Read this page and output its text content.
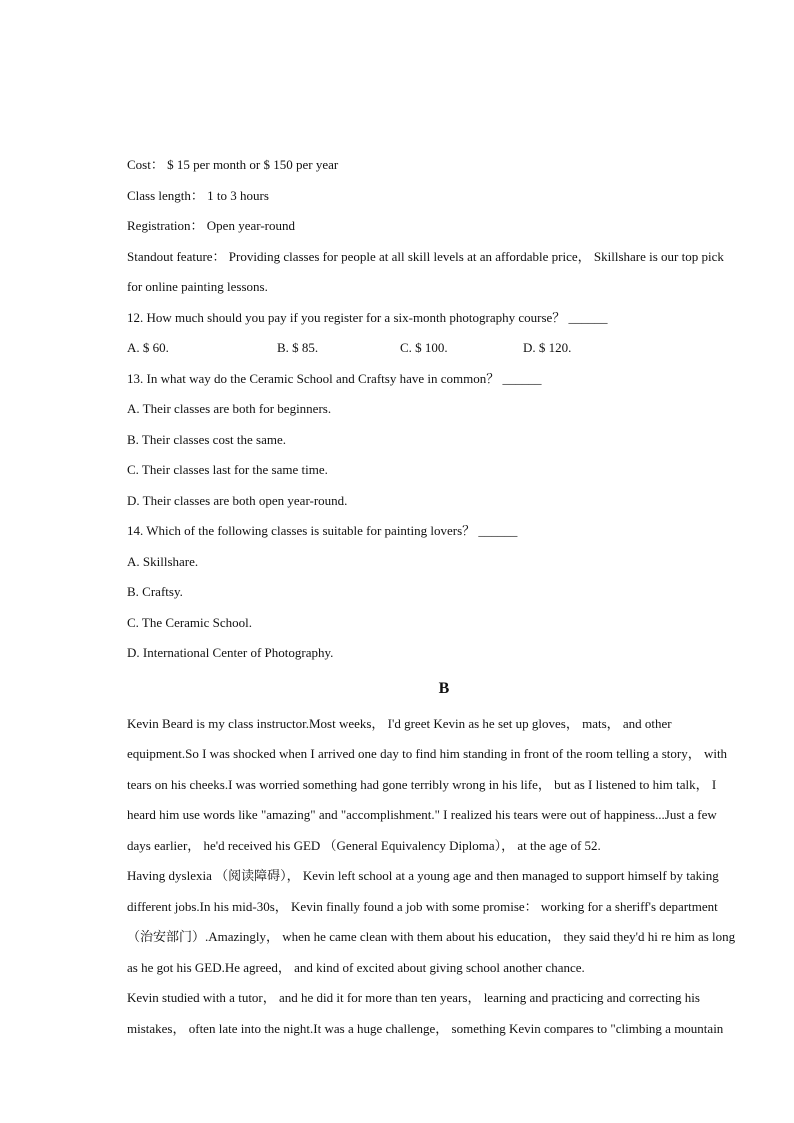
Cost： $ 15 per month or $ 150 per year
Class length： 1 to 3 hours
Registration： Open year-round
Standout feature： Providing classes for people at all skill levels at an affordable price， Skillshare is our top pick
for online painting lessons.
12. How much should you pay if you register for a six-month photography course？ ______
A. $ 60.	B. $ 85.	C. $ 100.	D. $ 120.
13. In what way do the Ceramic School and Craftsy have in common？ ______
A. Their classes are both for beginners.
B. Their classes cost the same.
C. Their classes last for the same time.
D. Their classes are both open year-round.
14. Which of the following classes is suitable for painting lovers？ ______
A. Skillshare.
B. Craftsy.
C. The Ceramic School.
D. International Center of Photography.
B
Kevin Beard is my class instructor.Most weeks， I'd greet Kevin as he set up gloves， mats， and other
equipment.So I was shocked when I arrived one day to find him standing in front of the room telling a story， with
tears on his cheeks.I was worried something had gone terribly wrong in his life， but as I listened to him talk， I
heard him use words like "amazing" and "accomplishment." I realized his tears were out of happiness...Just a few
days earlier， he'd received his GED （General Equivalency Diploma）， at the age of 52.
Having dyslexia （阅读障碍）， Kevin left school at a young age and then managed to support himself by taking
different jobs.In his mid-30s， Kevin finally found a job with some promise： working for a sheriff's department
（治安部门）.Amazingly， when he came clean with them about his education， they said they'd hi re him as long
as he got his GED.He agreed， and kind of excited about giving school another chance.
Kevin studied with a tutor， and he did it for more than ten years， learning and practicing and correcting his
mistakes， often late into the night.It was a huge challenge， something Kevin compares to "climbing a mountain
